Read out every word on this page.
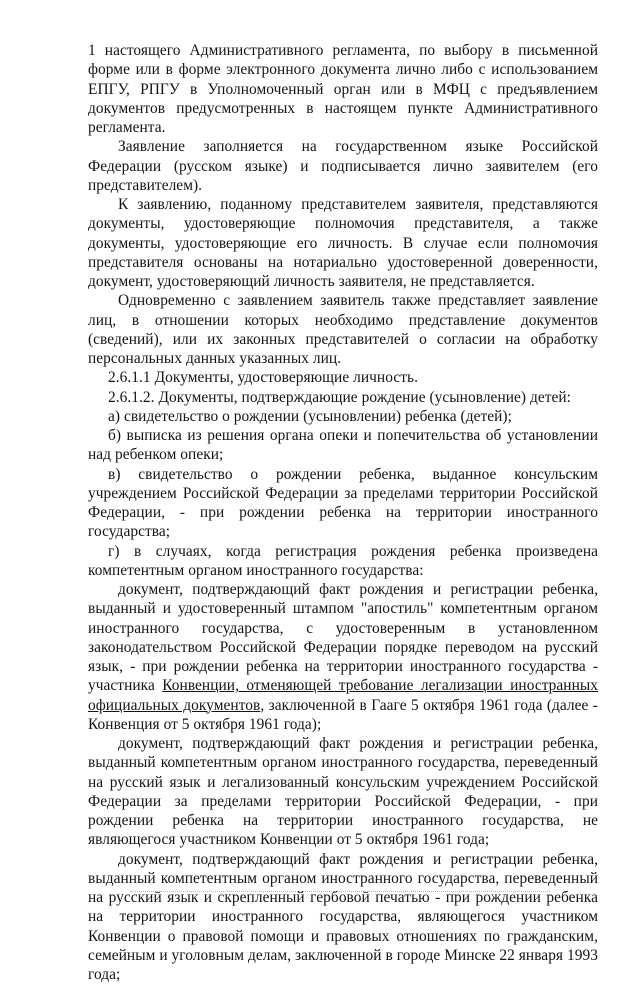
1 настоящего Административного регламента, по выбору в письменной форме или в форме электронного документа лично либо с использованием ЕПГУ, РПГУ в Уполномоченный орган или в МФЦ с предъявлением документов предусмотренных в настоящем пункте Административного регламента.

Заявление заполняется на государственном языке Российской Федерации (русском языке) и подписывается лично заявителем (его представителем).

К заявлению, поданному представителем заявителя, представляются документы, удостоверяющие полномочия представителя, а также документы, удостоверяющие его личность. В случае если полномочия представителя основаны на нотариально удостоверенной доверенности, документ, удостоверяющий личность заявителя, не представляется.

Одновременно с заявлением заявитель также представляет заявление лиц, в отношении которых необходимо представление документов (сведений), или их законных представителей о согласии на обработку персональных данных указанных лиц.

2.6.1.1 Документы, удостоверяющие личность.

2.6.1.2. Документы, подтверждающие рождение (усыновление) детей:

а) свидетельство о рождении (усыновлении) ребенка (детей);

б) выписка из решения органа опеки и попечительства об установлении над ребенком опеки;

в) свидетельство о рождении ребенка, выданное консульским учреждением Российской Федерации за пределами территории Российской Федерации, - при рождении ребенка на территории иностранного государства;

г) в случаях, когда регистрация рождения ребенка произведена компетентным органом иностранного государства:

документ, подтверждающий факт рождения и регистрации ребенка, выданный и удостоверенный штампом "апостиль" компетентным органом иностранного государства, с удостоверенным в установленном законодательством Российской Федерации порядке переводом на русский язык, - при рождении ребенка на территории иностранного государства - участника Конвенции, отменяющей требование легализации иностранных официальных документов, заключенной в Гааге 5 октября 1961 года (далее - Конвенция от 5 октября 1961 года);

документ, подтверждающий факт рождения и регистрации ребенка, выданный компетентным органом иностранного государства, переведенный на русский язык и легализованный консульским учреждением Российской Федерации за пределами территории Российской Федерации, - при рождении ребенка на территории иностранного государства, не являющегося участником Конвенции от 5 октября 1961 года;

документ, подтверждающий факт рождения и регистрации ребенка, выданный компетентным органом иностранного государства, переведенный на русский язык и скрепленный гербовой печатью - при рождении ребенка на территории иностранного государства, являющегося участником Конвенции о правовой помощи и правовых отношениях по гражданским, семейным и уголовным делам, заключенной в городе Минске 22 января 1993 года;
